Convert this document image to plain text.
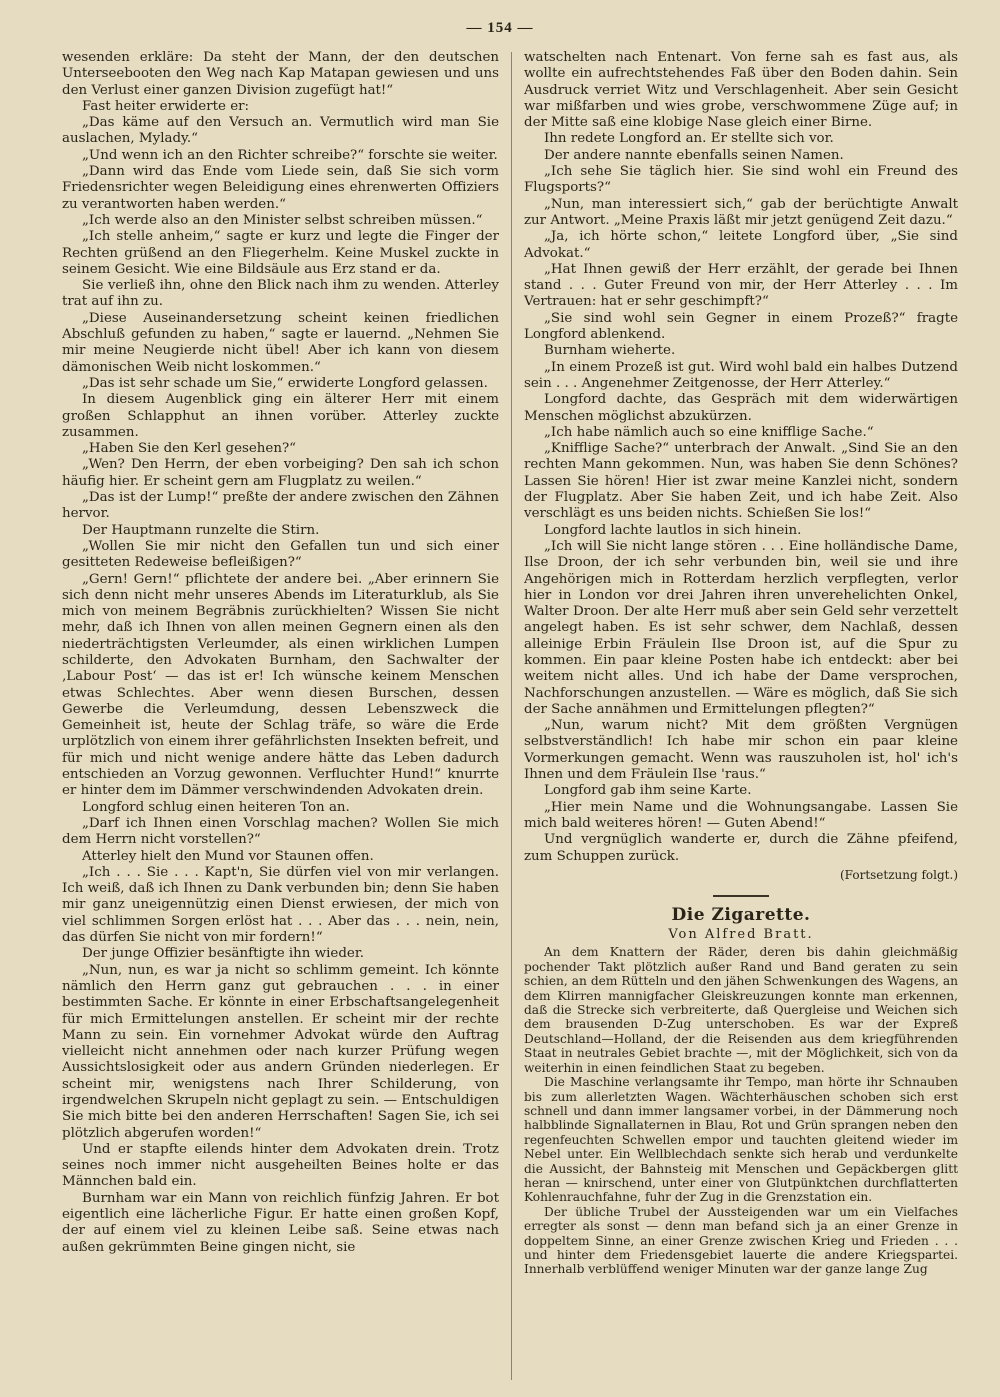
— 154 —

wesenden erkläre: Da steht der Mann, der den deutschen Unterseebooten den Weg nach Kap Matapan gewiesen und uns den Verlust einer ganzen Division zugefügt hat!“

Fast heiter erwiderte er:

„Das käme auf den Versuch an. Vermutlich wird man Sie auslachen, Mylady.“

„Und wenn ich an den Richter schreibe?“ forschte sie weiter.

„Dann wird das Ende vom Liede sein, daß Sie sich vorm Friedensrichter wegen Beleidigung eines ehrenwerten Offiziers zu verantworten haben werden.“

„Ich werde also an den Minister selbst schreiben müssen.“

„Ich stelle anheim,“ sagte er kurz und legte die Finger der Rechten grüßend an den Fliegerhelm. Keine Muskel zuckte in seinem Gesicht. Wie eine Bildsäule aus Erz stand er da.

Sie verließ ihn, ohne den Blick nach ihm zu wenden. Atterley trat auf ihn zu.

„Diese Auseinandersetzung scheint keinen friedlichen Abschluß gefunden zu haben,“ sagte er lauernd. „Nehmen Sie mir meine Neugierde nicht übel! Aber ich kann von diesem dämonischen Weib nicht loskommen.“

„Das ist sehr schade um Sie,“ erwiderte Longford gelassen.

In diesem Augenblick ging ein älterer Herr mit einem großen Schlapphut an ihnen vorüber. Atterley zuckte zusammen.

„Haben Sie den Kerl gesehen?“

„Wen? Den Herrn, der eben vorbeiging? Den sah ich schon häufig hier. Er scheint gern am Flugplatz zu weilen.“

„Das ist der Lump!“ preßte der andere zwischen den Zähnen hervor.

Der Hauptmann runzelte die Stirn.

„Wollen Sie mir nicht den Gefallen tun und sich einer gesitteten Redeweise befleißigen?“

„Gern! Gern!“ pflichtete der andere bei. „Aber erinnern Sie sich denn nicht mehr unseres Abends im Literaturklub, als Sie mich von meinem Begräbnis zurückhielten? Wissen Sie nicht mehr, daß ich Ihnen von allen meinen Gegnern einen als den niederträchtigsten Verleumder, als einen wirklichen Lumpen schilderte, den Advokaten Burnham, den Sachwalter der ‚Labour Post‘ — das ist er! Ich wünsche keinem Menschen etwas Schlechtes. Aber wenn diesen Burschen, dessen Gewerbe die Verleumdung, dessen Lebenszweck die Gemeinheit ist, heute der Schlag träfe, so wäre die Erde urplötzlich von einem ihrer gefährlichsten Insekten befreit, und für mich und nicht wenige andere hätte das Leben dadurch entschieden an Vorzug gewonnen. Verfluchter Hund!“ knurrte er hinter dem im Dämmer verschwindenden Advokaten drein.

Longford schlug einen heiteren Ton an.

„Darf ich Ihnen einen Vorschlag machen? Wollen Sie mich dem Herrn nicht vorstellen?“

Atterley hielt den Mund vor Staunen offen.

„Ich . . . Sie . . . Kapt'n, Sie dürfen viel von mir verlangen. Ich weiß, daß ich Ihnen zu Dank verbunden bin; denn Sie haben mir ganz uneigennützig einen Dienst erwiesen, der mich von viel schlimmen Sorgen erlöst hat . . . Aber das . . . nein, nein, das dürfen Sie nicht von mir fordern!“

Der junge Offizier besänftigte ihn wieder.

„Nun, nun, es war ja nicht so schlimm gemeint. Ich könnte nämlich den Herrn ganz gut gebrauchen . . . in einer bestimmten Sache. Er könnte in einer Erbschaftsangelegenheit für mich Ermittelungen anstellen. Er scheint mir der rechte Mann zu sein. Ein vornehmer Advokat würde den Auftrag vielleicht nicht annehmen oder nach kurzer Prüfung wegen Aussichtslosigkeit oder aus andern Gründen niederlegen. Er scheint mir, wenigstens nach Ihrer Schilderung, von irgendwelchen Skrupeln nicht geplagt zu sein. — Entschuldigen Sie mich bitte bei den anderen Herrschaften! Sagen Sie, ich sei plötzlich abgerufen worden!“

Und er stapfte eilends hinter dem Advokaten drein. Trotz seines noch immer nicht ausgeheilten Beines holte er das Männchen bald ein.

Burnham war ein Mann von reichlich fünfzig Jahren. Er bot eigentlich eine lächerliche Figur. Er hatte einen großen Kopf, der auf einem viel zu kleinen Leibe saß. Seine etwas nach außen gekrümmten Beine gingen nicht, sie

watschelten nach Entenart. Von ferne sah es fast aus, als wollte ein aufrechtstehendes Faß über den Boden dahin. Sein Ausdruck verriet Witz und Verschlagenheit. Aber sein Gesicht war mißfarben und wies grobe, verschwommene Züge auf; in der Mitte saß eine klobige Nase gleich einer Birne.

Ihn redete Longford an. Er stellte sich vor.

Der andere nannte ebenfalls seinen Namen.

„Ich sehe Sie täglich hier. Sie sind wohl ein Freund des Flugsports?“

„Nun, man interessiert sich,“ gab der berüchtigte Anwalt zur Antwort. „Meine Praxis läßt mir jetzt genügend Zeit dazu.“

„Ja, ich hörte schon,“ leitete Longford über, „Sie sind Advokat.“

„Hat Ihnen gewiß der Herr erzählt, der gerade bei Ihnen stand . . . Guter Freund von mir, der Herr Atterley . . . Im Vertrauen: hat er sehr geschimpft?“

„Sie sind wohl sein Gegner in einem Prozeß?“ fragte Longford ablenkend.

Burnham wieherte.

„In einem Prozeß ist gut. Wird wohl bald ein halbes Dutzend sein . . . Angenehmer Zeitgenosse, der Herr Atterley.“

Longford dachte, das Gespräch mit dem widerwärtigen Menschen möglichst abzukürzen.

„Ich habe nämlich auch so eine knifflige Sache.“

„Knifflige Sache?“ unterbrach der Anwalt. „Sind Sie an den rechten Mann gekommen. Nun, was haben Sie denn Schönes? Lassen Sie hören! Hier ist zwar meine Kanzlei nicht, sondern der Flugplatz. Aber Sie haben Zeit, und ich habe Zeit. Also verschlägt es uns beiden nichts. Schießen Sie los!“

Longford lachte lautlos in sich hinein.

„Ich will Sie nicht lange stören . . . Eine holländische Dame, Ilse Droon, der ich sehr verbunden bin, weil sie und ihre Angehörigen mich in Rotterdam herzlich verpflegten, verlor hier in London vor drei Jahren ihren unverehelichten Onkel, Walter Droon. Der alte Herr muß aber sein Geld sehr verzettelt angelegt haben. Es ist sehr schwer, dem Nachlaß, dessen alleinige Erbin Fräulein Ilse Droon ist, auf die Spur zu kommen. Ein paar kleine Posten habe ich entdeckt: aber bei weitem nicht alles. Und ich habe der Dame versprochen, Nachforschungen anzustellen. — Wäre es möglich, daß Sie sich der Sache annähmen und Ermittelungen pflegten?“

„Nun, warum nicht? Mit dem größten Vergnügen selbstverständlich! Ich habe mir schon ein paar kleine Vormerkungen gemacht. Wenn was rauszuholen ist, hol' ich's Ihnen und dem Fräulein Ilse 'raus.“

Longford gab ihm seine Karte.

„Hier mein Name und die Wohnungsangabe. Lassen Sie mich bald weiteres hören! — Guten Abend!“

Und vergnüglich wanderte er, durch die Zähne pfeifend, zum Schuppen zurück.

(Fortsetzung folgt.)

Die Zigarette.
Von Alfred Bratt.

An dem Knattern der Räder, deren bis dahin gleichmäßig pochender Takt plötzlich außer Rand und Band geraten zu sein schien, an dem Rütteln und den jähen Schwenkungen des Wagens, an dem Klirren mannigfacher Gleiskreuzungen konnte man erkennen, daß die Strecke sich verbreiterte, daß Quergleise und Weichen sich dem brausenden D-Zug unterschoben. Es war der Expreß Deutschland—Holland, der die Reisenden aus dem kriegführenden Staat in neutrales Gebiet brachte —, mit der Möglichkeit, sich von da weiterhin in einen feindlichen Staat zu begeben.

Die Maschine verlangsamte ihr Tempo, man hörte ihr Schnauben bis zum allerletzten Wagen. Wächterhäuschen schoben sich erst schnell und dann immer langsamer vorbei, in der Dämmerung noch halbblinde Signallaternen in Blau, Rot und Grün sprangen neben den regenfeuchten Schwellen empor und tauchten gleitend wieder im Nebel unter. Ein Wellblechdach senkte sich herab und verdunkelte die Aussicht, der Bahnsteig mit Menschen und Gepäckbergen glitt heran — knirschend, unter einer von Glutpünktchen durchflatterten Kohlenrauchfahne, fuhr der Zug in die Grenzstation ein.

Der übliche Trubel der Aussteigenden war um ein Vielfaches erregter als sonst — denn man befand sich ja an einer Grenze in doppeltem Sinne, an einer Grenze zwischen Krieg und Frieden . . . und hinter dem Friedensgebiet lauerte die andere Kriegspartei. Innerhalb verblüffend weniger Minuten war der ganze lange Zug
